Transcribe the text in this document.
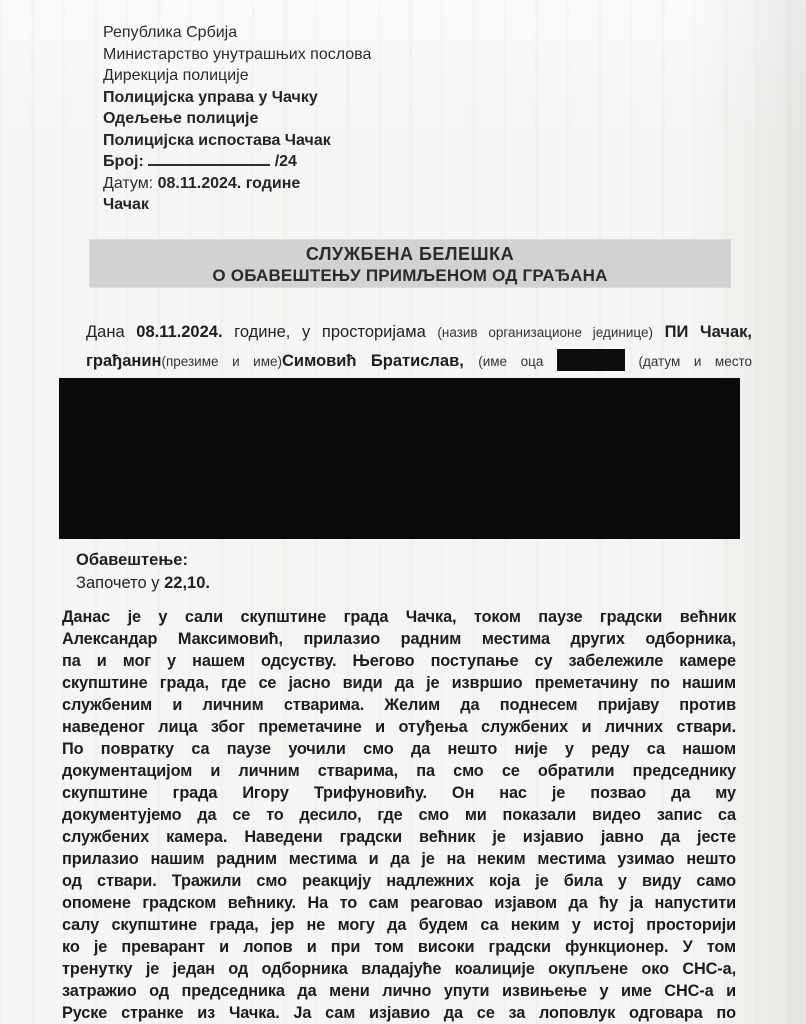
Република Србија
Министарство унутрашњих послова
Дирекција полиције
Полицијска управа у Чачку
Одељење полиције
Полицијска испостава Чачак
Број:	/24
Датум: 08.11.2024. године
Чачак
СЛУЖБЕНА БЕЛЕШКА
О ОБАВЕШТЕЊУ ПРИМЉЕНОМ ОД ГРАЂАНА
Дана 08.11.2024. године, у просторијама (назив организационе јединице) ПИ Чачак,
грађанин(презиме и име)Симовић Братислав, (име оца	(датум и место
Обавештење:
Започето у 22,10.
Данас је у сали скупштине града Чачка, током паузе градски већник
Александар Максимовић, прилазио радним местима других одборника,
па и мог у нашем одсуству. Његово поступање су забележиле камере
скупштине града, где се јасно види да је извршио преметачину по нашим
службеним и личним стварима. Желим да поднесем пријаву против
наведеног лица због преметачине и отуђења службених и личних ствари.
По повратку са паузе уочили смо да нешто није у реду са нашом
документацијом и личним стварима, па смо се обратили председнику
скупштине града Игору Трифуновићу. Он нас је позвао да му
документујемо да се то десило, где смо ми показали видео запис са
службених камера. Наведени градски већник је изјавио јавно да јесте
прилазио нашим радним местима и да је на неким местима узимао нешто
од ствари. Тражили смо реакцију надлежних која је била у виду само
опомене градском већнику. На то сам реаговао изјавом да ћу ја напустити
салу скупштине града, јер не могу да будем са неким у истој просторији
ко је преварант и лопов и при том високи градски функционер. У том
тренутку је један од одборника владајуће коалиције окупљене око СНС-а,
затражио од председника да мени лично упути извињење у име СНС-а и
Руске странке из Чачка. Ја сам изјавио да се за лоповлук одговара по
